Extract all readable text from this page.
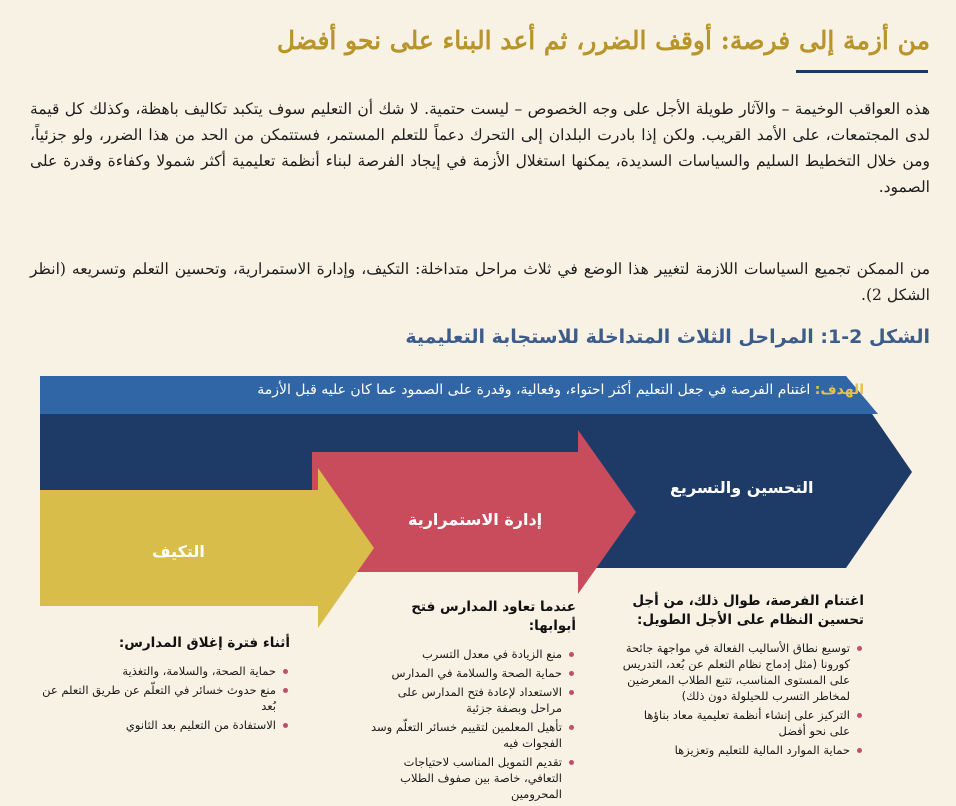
من أزمة إلى فرصة: أوقف الضرر، ثم أعد البناء على نحو أفضل

هذه العواقب الوخيمة – والآثار طويلة الأجل على وجه الخصوص – ليست حتمية. لا شك أن التعليم سوف يتكبد تكاليف باهظة، وكذلك كل قيمة لدى المجتمعات، على الأمد القريب. ولكن إذا بادرت البلدان إلى التحرك دعماً للتعلم المستمر، فستتمكن من الحد من هذا الضرر، ولو جزئياً، ومن خلال التخطيط السليم والسياسات السديدة، يمكنها استغلال الأزمة في إيجاد الفرصة لبناء أنظمة تعليمية أكثر شمولا وكفاءة وقدرة على الصمود.

من الممكن تجميع السياسات اللازمة لتغيير هذا الوضع في ثلاث مراحل متداخلة: التكيف، وإدارة الاستمرارية، وتحسين التعلم وتسريعه (انظر الشكل 2).

الشكل 2-1: المراحل الثلاث المتداخلة للاستجابة التعليمية
الهدف: اغتنام الفرصة في جعل التعليم أكثر احتواء، وفعالية، وقدرة على الصمود عما كان عليه قبل الأزمة
التحسين والتسريع
إدارة الاستمرارية
التكيف
اغتنام الفرصة، طوال ذلك، من أجل تحسين النظام على الأجل الطويل:
توسيع نطاق الأساليب الفعالة في مواجهة جائحة كورونا (مثل إدماج نظام التعلم عن بُعد، التدريس على المستوى المناسب، تتبع الطلاب المعرضين لمخاطر التسرب للحيلولة دون ذلك)
التركيز على إنشاء أنظمة تعليمية معاد بناؤها على نحو أفضل
حماية الموارد المالية للتعليم وتعزيزها
عندما تعاود المدارس فتح أبوابها:
منع الزيادة في معدل التسرب
حماية الصحة والسلامة في المدارس
الاستعداد لإعادة فتح المدارس على مراحل وبصفة جزئية
تأهيل المعلمين لتقييم خسائر التعلّم وسد الفجوات فيه
تقديم التمويل المناسب لاحتياجات التعافي، خاصة بين صفوف الطلاب المحرومين
أثناء فترة إغلاق المدارس:
حماية الصحة، والسلامة، والتغذية
منع حدوث خسائر في التعلّم عن طريق التعلم عن بُعد
الاستفادة من التعليم بعد الثانوي
